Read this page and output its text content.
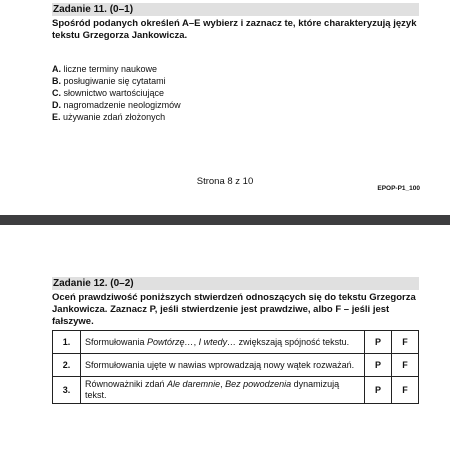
Zadanie 11. (0–1)
Spośród podanych określeń A–E wybierz i zaznacz te, które charakteryzują język tekstu Grzegorza Jankowicza.
A. liczne terminy naukowe
B. posługiwanie się cytatami
C. słownictwo wartościujące
D. nagromadzenie neologizmów
E. używanie zdań złożonych
Strona 8 z 10
EPOP-P1_100
Zadanie 12. (0–2)
Oceń prawdziwość poniższych stwierdzeń odnoszących się do tekstu Grzegorza Jankowicza. Zaznacz P, jeśli stwierdzenie jest prawdziwe, albo F – jeśli jest fałszywe.
1.	Sformułowania Powtórzę…, I wtedy… zwiększają spójność tekstu.	P	F
2.	Sformułowania ujęte w nawias wprowadzają nowy wątek rozważań.	P	F
3.	Równoważniki zdań Ale daremnie, Bez powodzenia dynamizują tekst.	P	F
